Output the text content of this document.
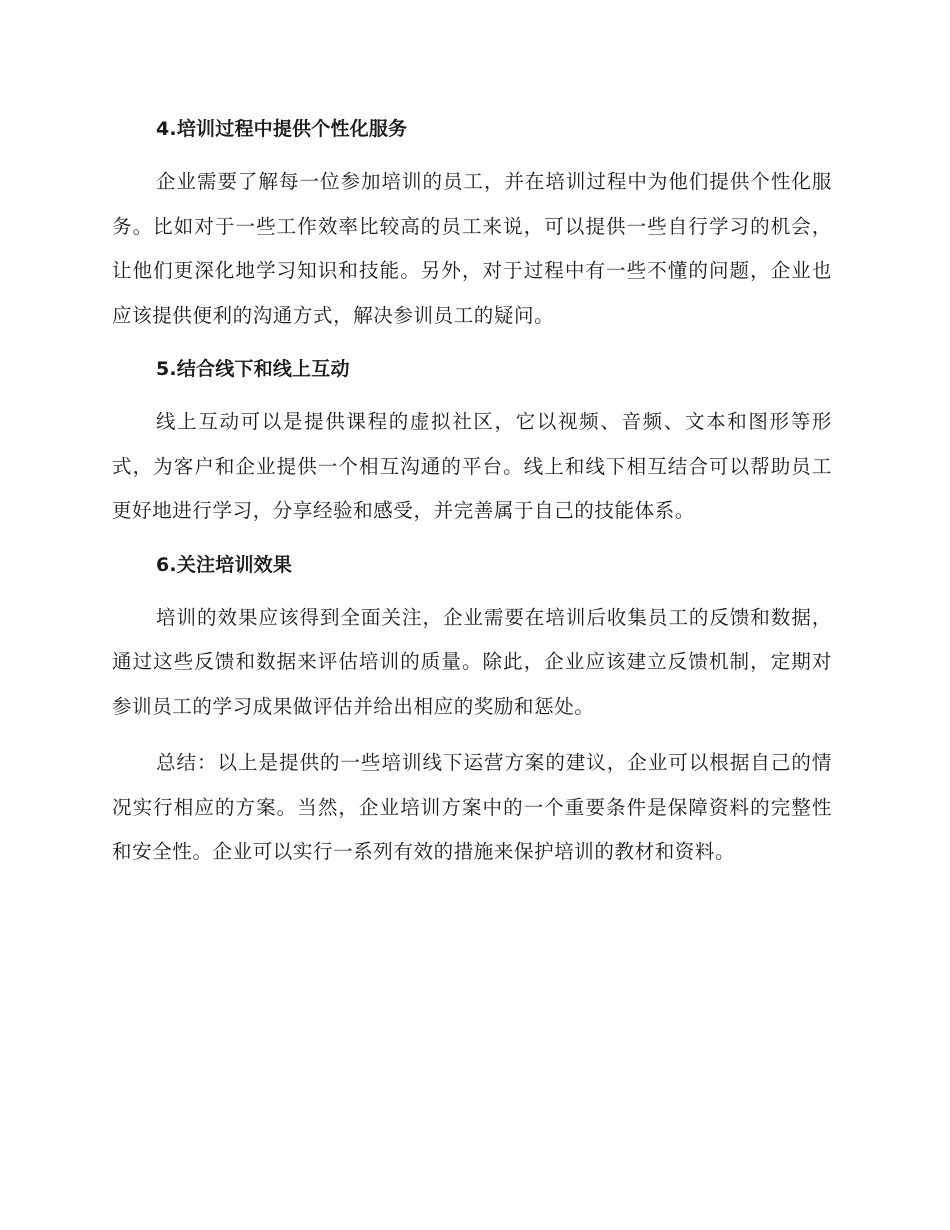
4.培训过程中提供个性化服务

企业需要了解每一位参加培训的员工，并在培训过程中为他们提供个性化服务。比如对于一些工作效率比较高的员工来说，可以提供一些自行学习的机会，让他们更深化地学习知识和技能。另外，对于过程中有一些不懂的问题，企业也应该提供便利的沟通方式，解决参训员工的疑问。

5.结合线下和线上互动

线上互动可以是提供课程的虚拟社区，它以视频、音频、文本和图形等形式，为客户和企业提供一个相互沟通的平台。线上和线下相互结合可以帮助员工更好地进行学习，分享经验和感受，并完善属于自己的技能体系。

6.关注培训效果

培训的效果应该得到全面关注，企业需要在培训后收集员工的反馈和数据，通过这些反馈和数据来评估培训的质量。除此，企业应该建立反馈机制，定期对参训员工的学习成果做评估并给出相应的奖励和惩处。

总结：以上是提供的一些培训线下运营方案的建议，企业可以根据自己的情况实行相应的方案。当然，企业培训方案中的一个重要条件是保障资料的完整性和安全性。企业可以实行一系列有效的措施来保护培训的教材和资料。
